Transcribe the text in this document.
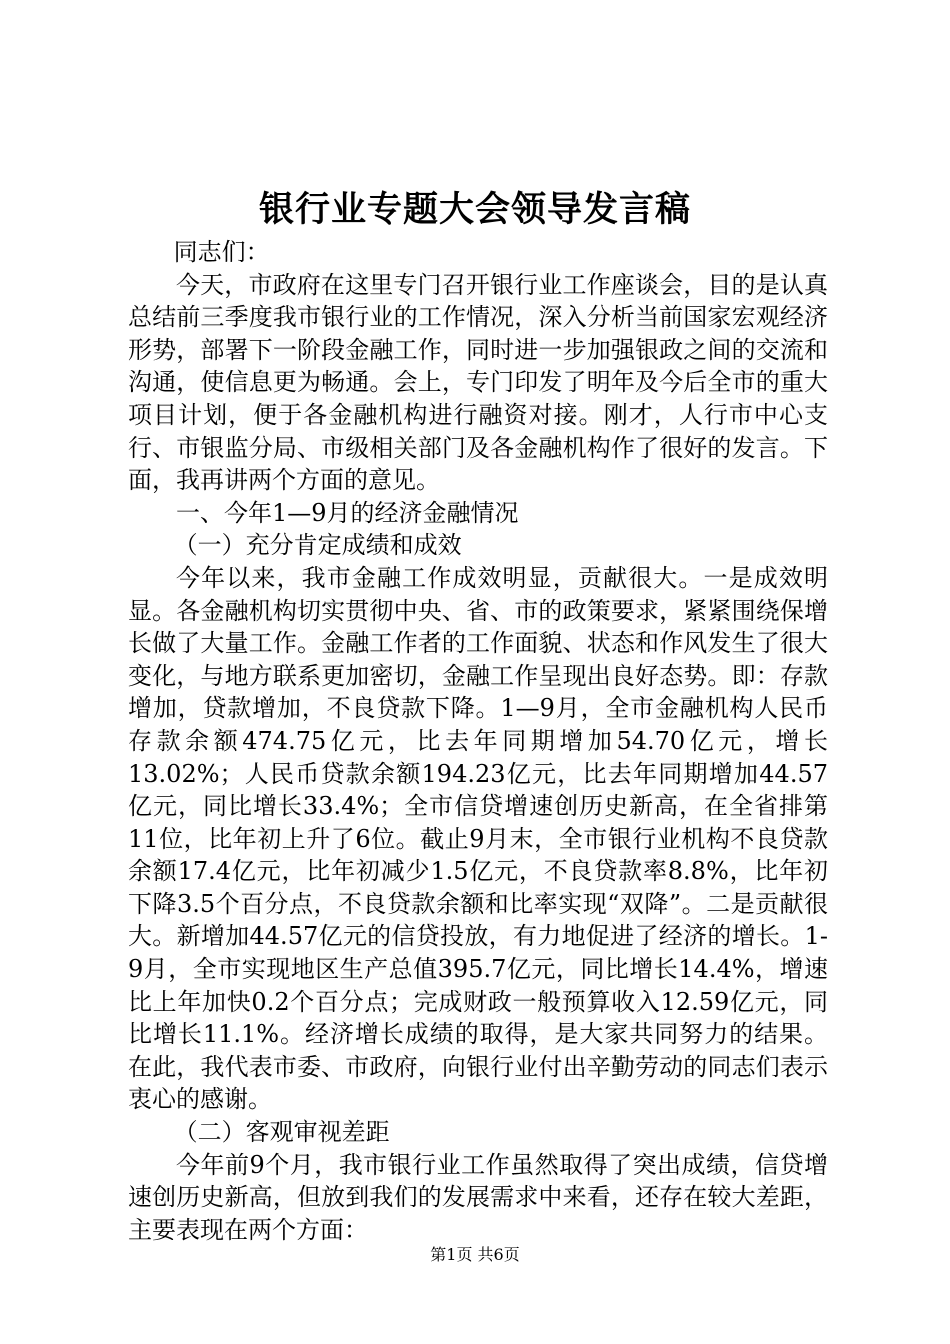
银行业专题大会领导发言稿

同志们：

今天，市政府在这里专门召开银行业工作座谈会，目的是认真总结前三季度我市银行业的工作情况，深入分析当前国家宏观经济形势，部署下一阶段金融工作，同时进一步加强银政之间的交流和沟通，使信息更为畅通。会上，专门印发了明年及今后全市的重大项目计划，便于各金融机构进行融资对接。刚才，人行市中心支行、市银监分局、市级相关部门及各金融机构作了很好的发言。下面，我再讲两个方面的意见。

一、今年1—9月的经济金融情况

（一）充分肯定成绩和成效

今年以来，我市金融工作成效明显，贡献很大。一是成效明显。各金融机构切实贯彻中央、省、市的政策要求，紧紧围绕保增长做了大量工作。金融工作者的工作面貌、状态和作风发生了很大变化，与地方联系更加密切，金融工作呈现出良好态势。即：存款增加，贷款增加，不良贷款下降。1—9月，全市金融机构人民币存款余额474.75亿元，比去年同期增加54.70亿元，增长13.02%；人民币贷款余额194.23亿元，比去年同期增加44.57亿元，同比增长33.4%；全市信贷增速创历史新高，在全省排第11位，比年初上升了6位。截止9月末，全市银行业机构不良贷款余额17.4亿元，比年初减少1.5亿元，不良贷款率8.8%，比年初下降3.5个百分点，不良贷款余额和比率实现“双降”。二是贡献很大。新增加44.57亿元的信贷投放，有力地促进了经济的增长。1-9月，全市实现地区生产总值395.7亿元，同比增长14.4%，增速比上年加快0.2个百分点；完成财政一般预算收入12.59亿元，同比增长11.1%。经济增长成绩的取得，是大家共同努力的结果。在此，我代表市委、市政府，向银行业付出辛勤劳动的同志们表示衷心的感谢。

（二）客观审视差距

今年前9个月，我市银行业工作虽然取得了突出成绩，信贷增速创历史新高，但放到我们的发展需求中来看，还存在较大差距，主要表现在两个方面：

第1页 共6页
